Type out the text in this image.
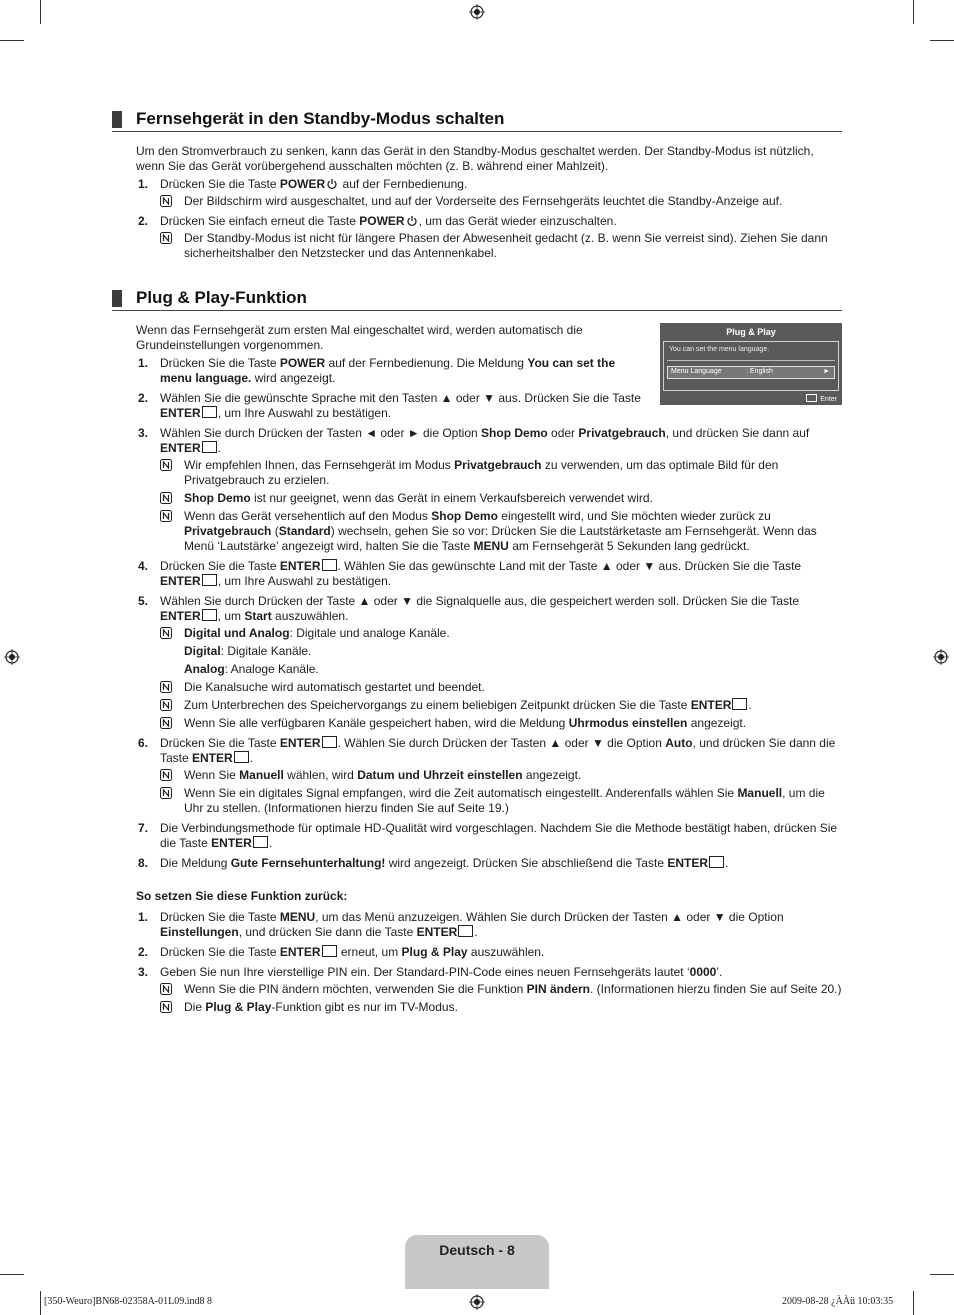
Fernsehgerät in den Standby-Modus schalten
Um den Stromverbrauch zu senken, kann das Gerät in den Standby-Modus geschaltet werden. Der Standby-Modus ist nützlich, wenn Sie das Gerät vorübergehend ausschalten möchten (z. B. während einer Mahlzeit).
1. Drücken Sie die Taste POWER auf der Fernbedienung.
Der Bildschirm wird ausgeschaltet, und auf der Vorderseite des Fernsehgeräts leuchtet die Standby-Anzeige auf.
2. Drücken Sie einfach erneut die Taste POWER , um das Gerät wieder einzuschalten.
Der Standby-Modus ist nicht für längere Phasen der Abwesenheit gedacht (z. B. wenn Sie verreist sind). Ziehen Sie dann sicherheitshalber den Netzstecker und das Antennenkabel.
Plug & Play-Funktion
Wenn das Fernsehgerät zum ersten Mal eingeschaltet wird, werden automatisch die Grundeinstellungen vorgenommen.
1. Drücken Sie die Taste POWER auf der Fernbedienung. Die Meldung You can set the menu language. wird angezeigt.
2. Wählen Sie die gewünschte Sprache mit den Tasten ▲ oder ▼ aus. Drücken Sie die Taste ENTER , um Ihre Auswahl zu bestätigen.
3. Wählen Sie durch Drücken der Tasten ◄ oder ► die Option Shop Demo oder Privatgebrauch, und drücken Sie dann auf ENTER .
Wir empfehlen Ihnen, das Fernsehgerät im Modus Privatgebrauch zu verwenden, um das optimale Bild für den Privatgebrauch zu erzielen.
Shop Demo ist nur geeignet, wenn das Gerät in einem Verkaufsbereich verwendet wird.
Wenn das Gerät versehentlich auf den Modus Shop Demo eingestellt wird, und Sie möchten wieder zurück zu Privatgebrauch (Standard) wechseln, gehen Sie so vor: Drücken Sie die Lautstärketaste am Fernsehgerät. Wenn das Menü ‘Lautstärke’ angezeigt wird, halten Sie die Taste MENU am Fernsehgerät 5 Sekunden lang gedrückt.
4. Drücken Sie die Taste ENTER . Wählen Sie das gewünschte Land mit der Taste ▲ oder ▼ aus. Drücken Sie die Taste ENTER , um Ihre Auswahl zu bestätigen.
5. Wählen Sie durch Drücken der Taste ▲ oder ▼ die Signalquelle aus, die gespeichert werden soll. Drücken Sie die Taste ENTER , um Start auszuwählen.
Digital und Analog: Digitale und analoge Kanäle.
Digital: Digitale Kanäle.
Analog: Analoge Kanäle.
Die Kanalsuche wird automatisch gestartet und beendet.
Zum Unterbrechen des Speichervorgangs zu einem beliebigen Zeitpunkt drücken Sie die Taste ENTER .
Wenn Sie alle verfügbaren Kanäle gespeichert haben, wird die Meldung Uhrmodus einstellen angezeigt.
6. Drücken Sie die Taste ENTER . Wählen Sie durch Drücken der Tasten ▲ oder ▼ die Option Auto, und drücken Sie dann die Taste ENTER .
Wenn Sie Manuell wählen, wird Datum und Uhrzeit einstellen angezeigt.
Wenn Sie ein digitales Signal empfangen, wird die Zeit automatisch eingestellt. Anderenfalls wählen Sie Manuell, um die Uhr zu stellen. (Informationen hierzu finden Sie auf Seite 19.)
7. Die Verbindungsmethode für optimale HD-Qualität wird vorgeschlagen. Nachdem Sie die Methode bestätigt haben, drücken Sie die Taste ENTER .
8. Die Meldung Gute Fernsehunterhaltung! wird angezeigt. Drücken Sie abschließend die Taste ENTER .
So setzen Sie diese Funktion zurück:
1. Drücken Sie die Taste MENU, um das Menü anzuzeigen. Wählen Sie durch Drücken der Tasten ▲ oder ▼ die Option Einstellungen, und drücken Sie dann die Taste ENTER .
2. Drücken Sie die Taste ENTER erneut, um Plug & Play auszuwählen.
3. Geben Sie nun Ihre vierstellige PIN ein. Der Standard-PIN-Code eines neuen Fernsehgeräts lautet ‘0000’.
Wenn Sie die PIN ändern möchten, verwenden Sie die Funktion PIN ändern. (Informationen hierzu finden Sie auf Seite 20.)
Die Plug & Play-Funktion gibt es nur im TV-Modus.
Plug & Play
You can set the menu language.
Menu Language	: English	►
Enter
Deutsch - 8
[350-Weuro]BN68-02358A-01L09.ind8 8	2009-08-28 ¿ÀÀü 10:03:35
